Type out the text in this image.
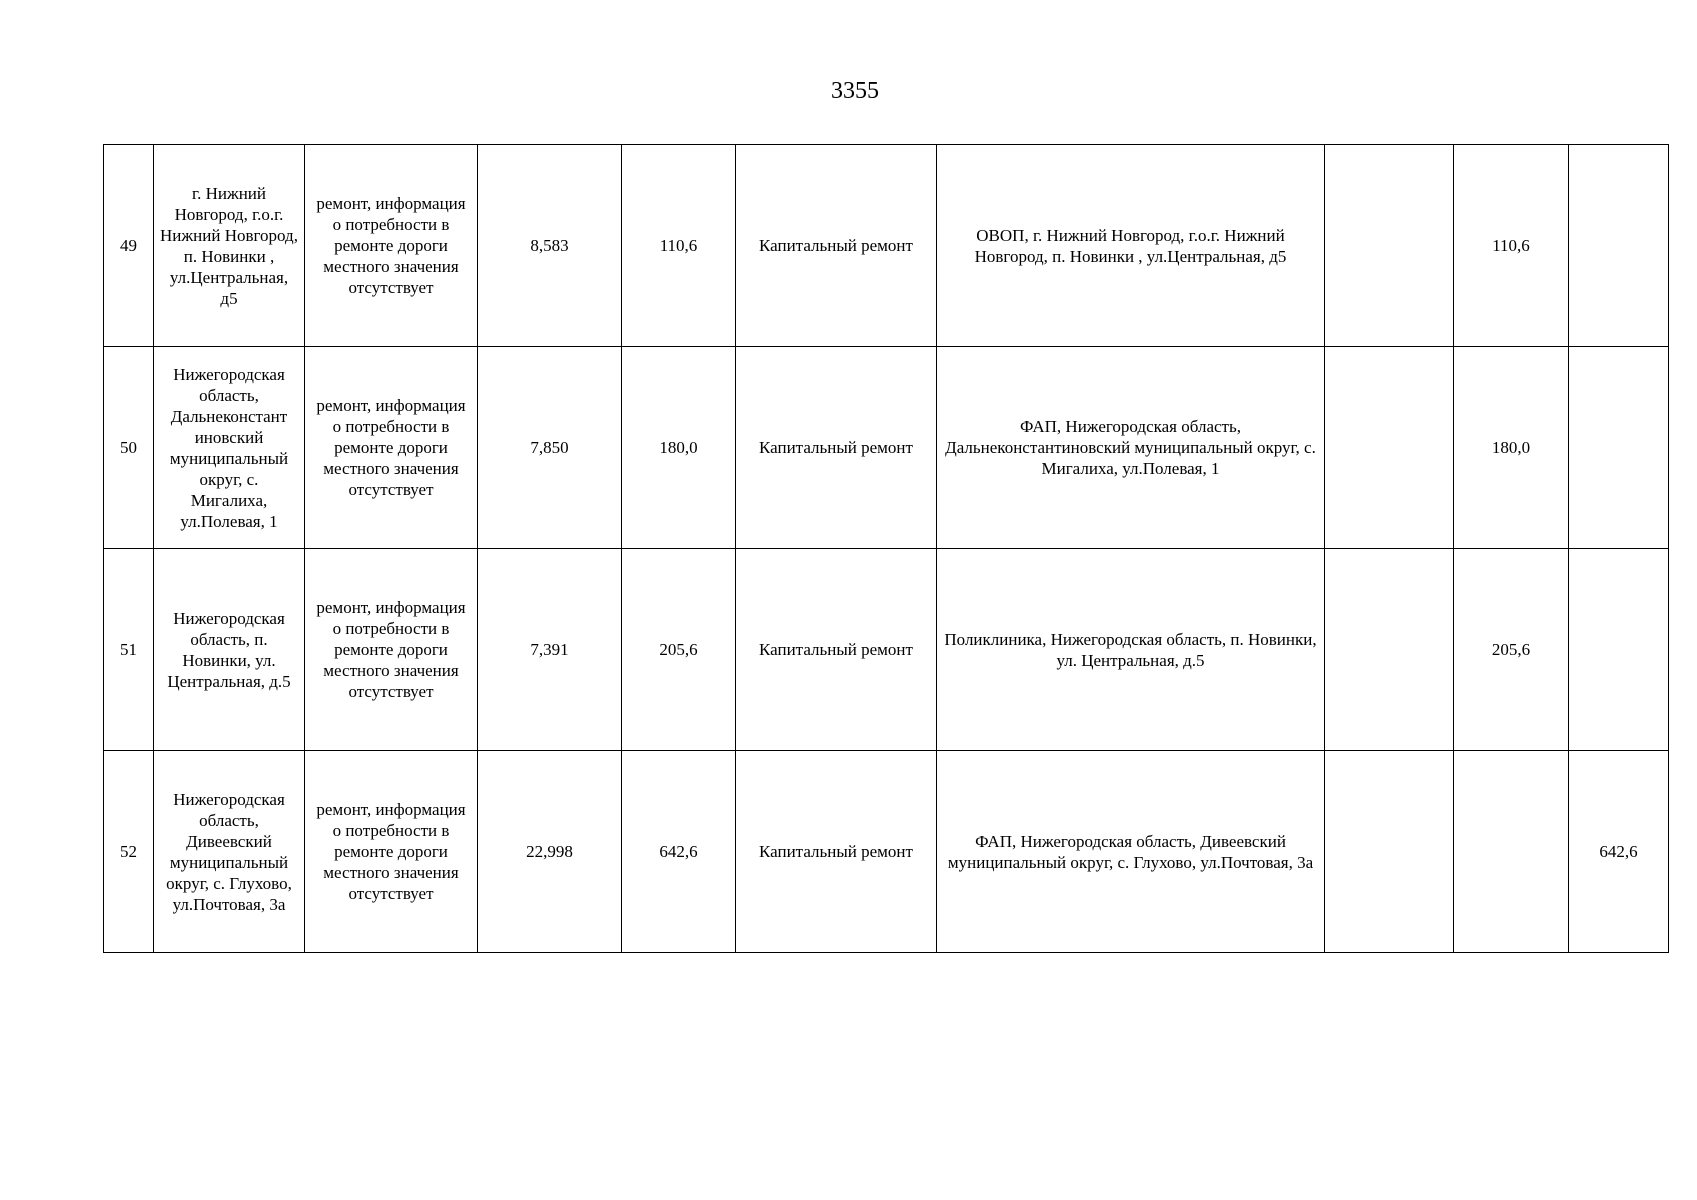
3355
49	г. Нижний Новгород, г.о.г. Нижний Новгород, п. Новинки , ул.Центральная, д5	ремонт, информация о потребности в ремонте дороги местного значения отсутствует	8,583	110,6	Капитальный ремонт	ОВОП, г. Нижний Новгород, г.о.г. Нижний Новгород, п. Новинки , ул.Центральная, д5		110,6	
50	Нижегородская область, Дальнеконстант иновский муниципальный округ, с. Мигалиха, ул.Полевая, 1	ремонт, информация о потребности в ремонте дороги местного значения отсутствует	7,850	180,0	Капитальный ремонт	ФАП, Нижегородская область, Дальнеконстантиновский муниципальный округ, с. Мигалиха, ул.Полевая, 1		180,0	
51	Нижегородская область, п. Новинки, ул. Центральная, д.5	ремонт, информация о потребности в ремонте дороги местного значения отсутствует	7,391	205,6	Капитальный ремонт	Поликлиника, Нижегородская область, п. Новинки, ул. Центральная, д.5		205,6	
52	Нижегородская область, Дивеевский муниципальный округ, с. Глухово, ул.Почтовая, 3а	ремонт, информация о потребности в ремонте дороги местного значения отсутствует	22,998	642,6	Капитальный ремонт	ФАП, Нижегородская область, Дивеевский муниципальный округ, с. Глухово, ул.Почтовая, 3а			642,6
